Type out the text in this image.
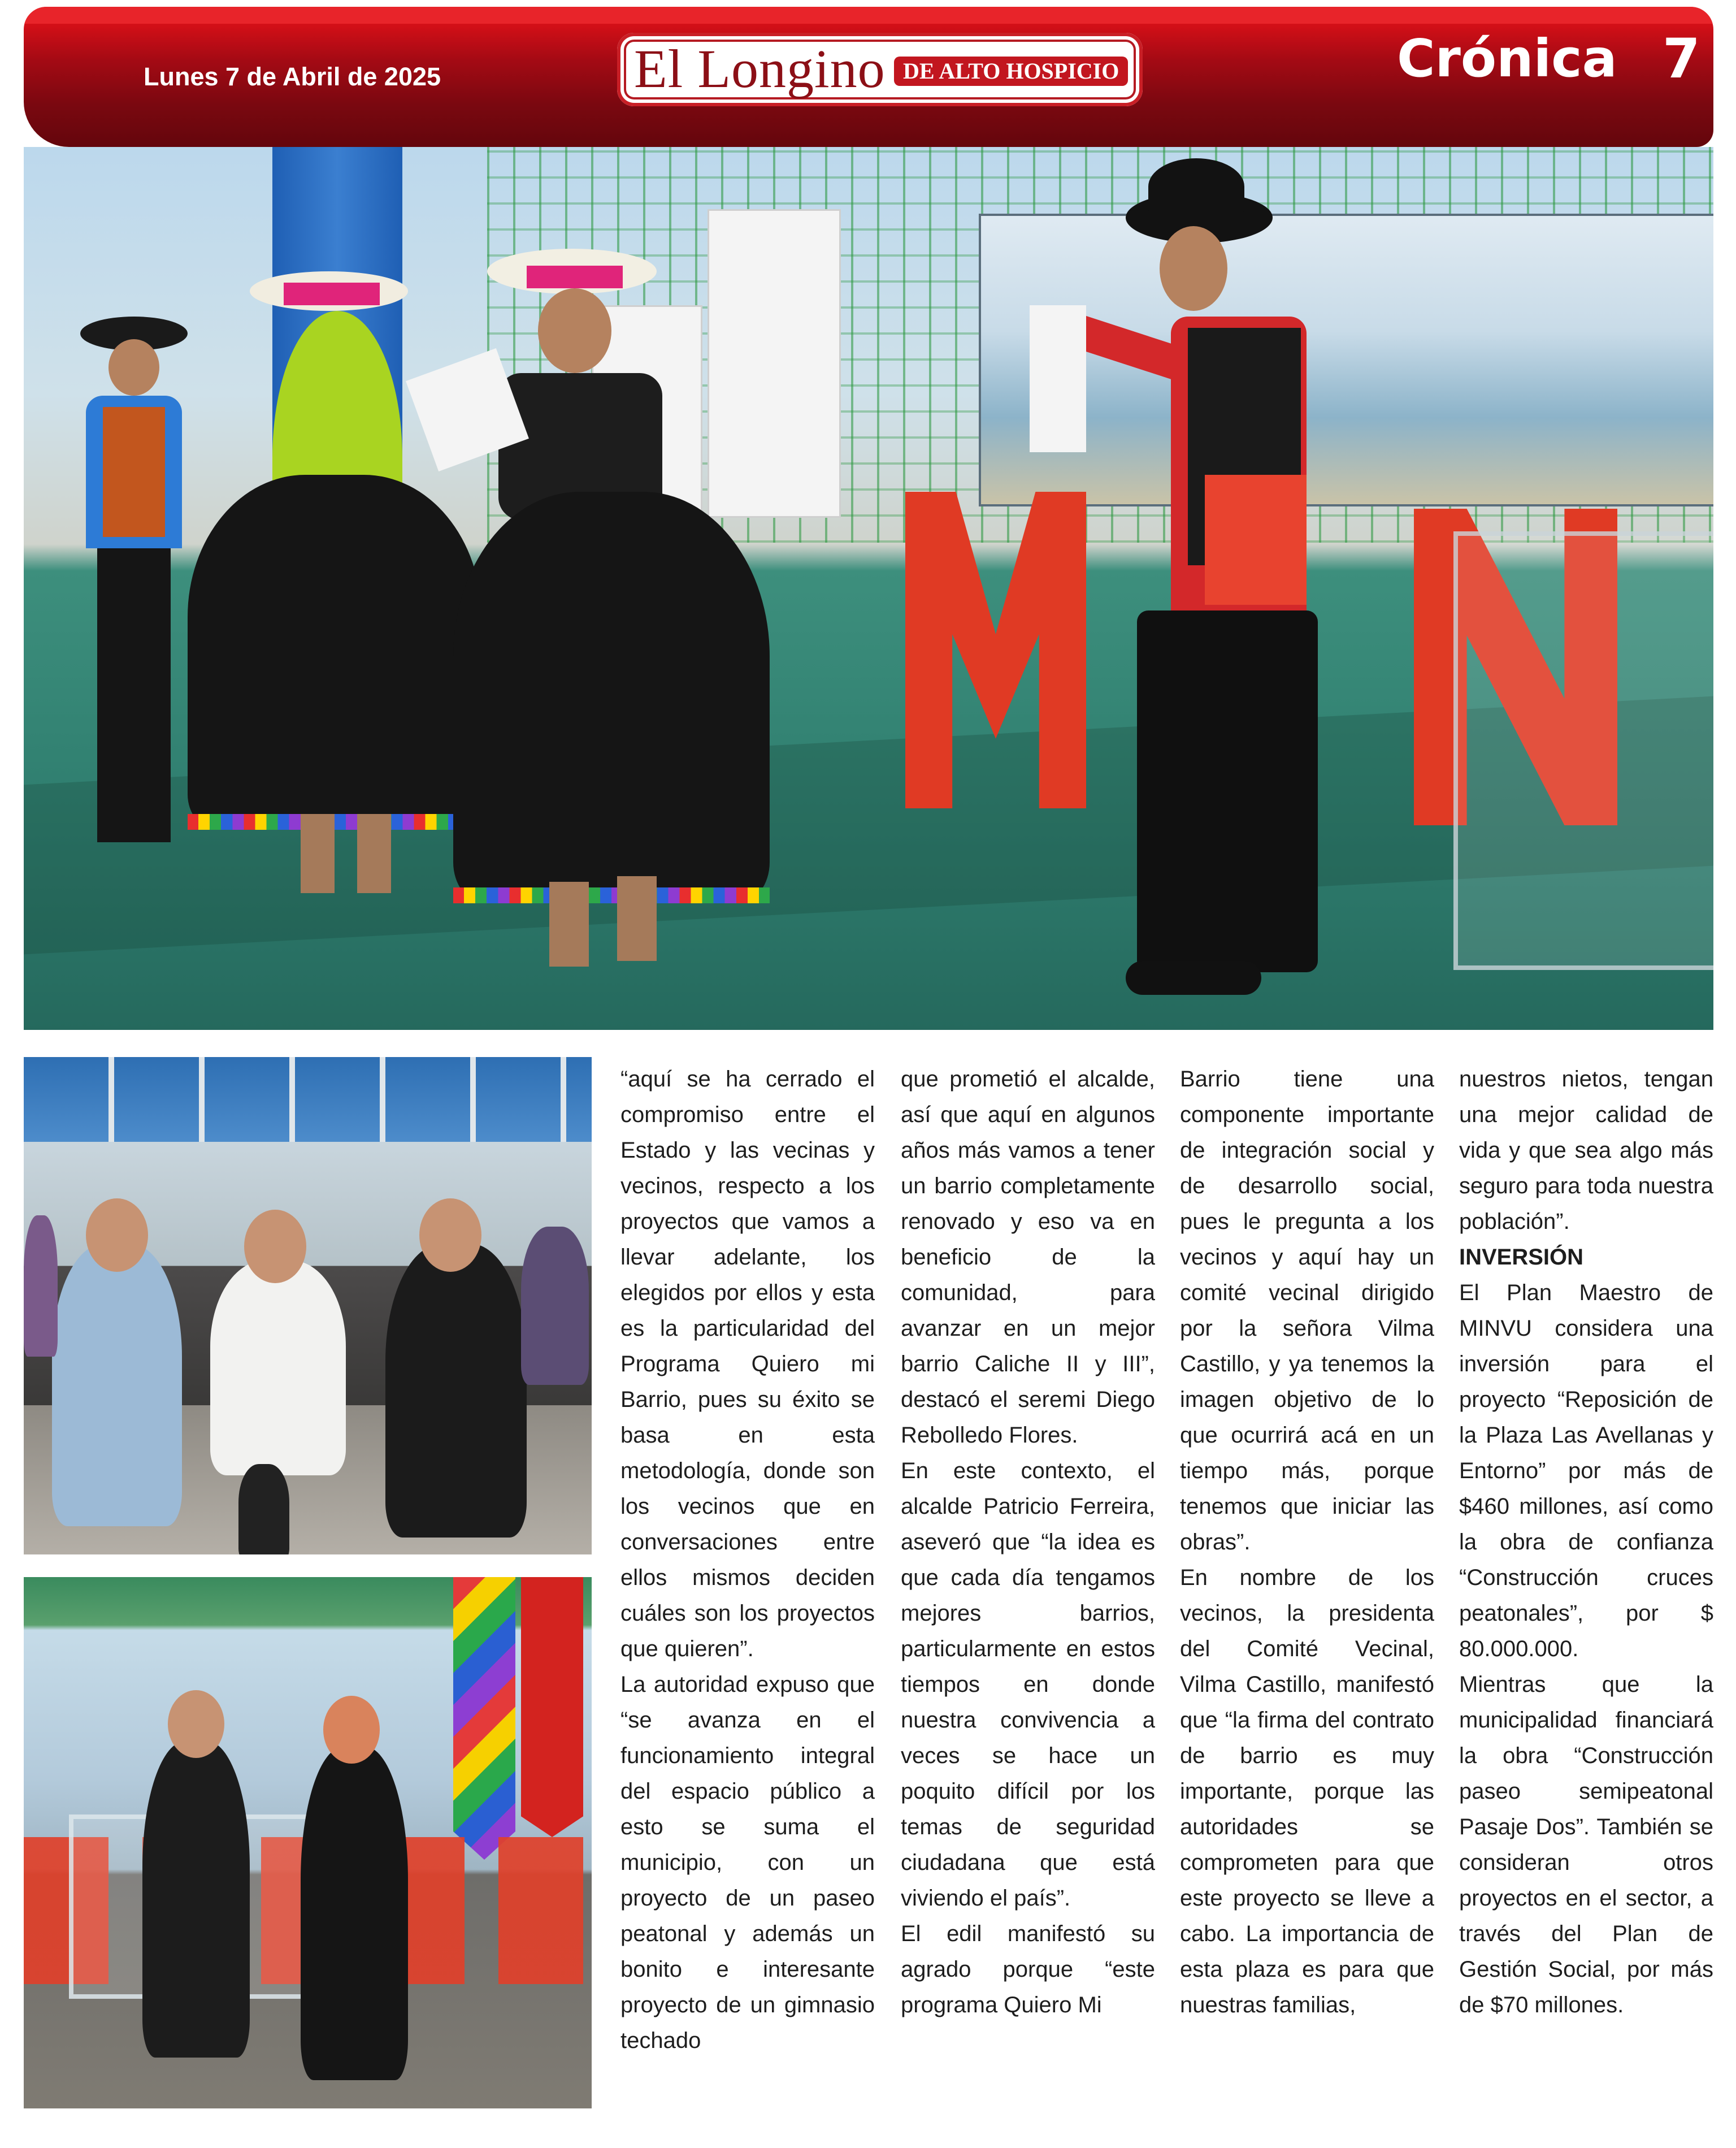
Lunes 7 de Abril de 2025	El Longino DE ALTO HOSPICIO	Crónica 7

“aquí se ha cerrado el compromiso entre el Estado y las vecinas y vecinos, respecto a los proyectos que vamos a llevar adelante, los elegidos por ellos y esta es la particularidad del Programa Quiero mi Barrio, pues su éxito se basa en esta metodología, donde son los vecinos que en conversaciones entre ellos mismos deciden cuáles son los proyectos que quieren”.

La autoridad expuso que “se avanza en el funcionamiento integral del espacio público a esto se suma el municipio, con un proyecto de un paseo peatonal y además un bonito e interesante proyecto de un gimnasio techado

que prometió el alcalde, así que aquí en algunos años más vamos a tener un barrio completamente renovado y eso va en beneficio de la comunidad, para avanzar en un mejor barrio Caliche II y III”, destacó el seremi Diego Rebolledo Flores.

En este contexto, el alcalde Patricio Ferreira, aseveró que “la idea es que cada día tengamos mejores barrios, particularmente en estos tiempos en donde nuestra convivencia a veces se hace un poquito difícil por los temas de seguridad ciudadana que está viviendo el país”.

El edil manifestó su agrado porque “este programa Quiero Mi

Barrio tiene una componente importante de integración social y de desarrollo social, pues le pregunta a los vecinos y aquí hay un comité vecinal dirigido por la señora Vilma Castillo, y ya tenemos la imagen objetivo de lo que ocurrirá acá en un tiempo más, porque tenemos que iniciar las obras”.

En nombre de los vecinos, la presidenta del Comité Vecinal, Vilma Castillo, manifestó que “la firma del contrato de barrio es muy importante, porque las autoridades se comprometen para que este proyecto se lleve a cabo. La importancia de esta plaza es para que nuestras familias,

nuestros nietos, tengan una mejor calidad de vida y que sea algo más seguro para toda nuestra población”.

INVERSIÓN

El Plan Maestro de MINVU considera una inversión para el proyecto “Reposición de la Plaza Las Avellanas y Entorno” por más de $460 millones, así como la obra de confianza “Construcción cruces peatonales”, por $ 80.000.000.

Mientras que la municipalidad financiará la obra “Construcción paseo semipeatonal Pasaje Dos”. También se consideran otros proyectos en el sector, a través del Plan de Gestión Social, por más de $70 millones.
